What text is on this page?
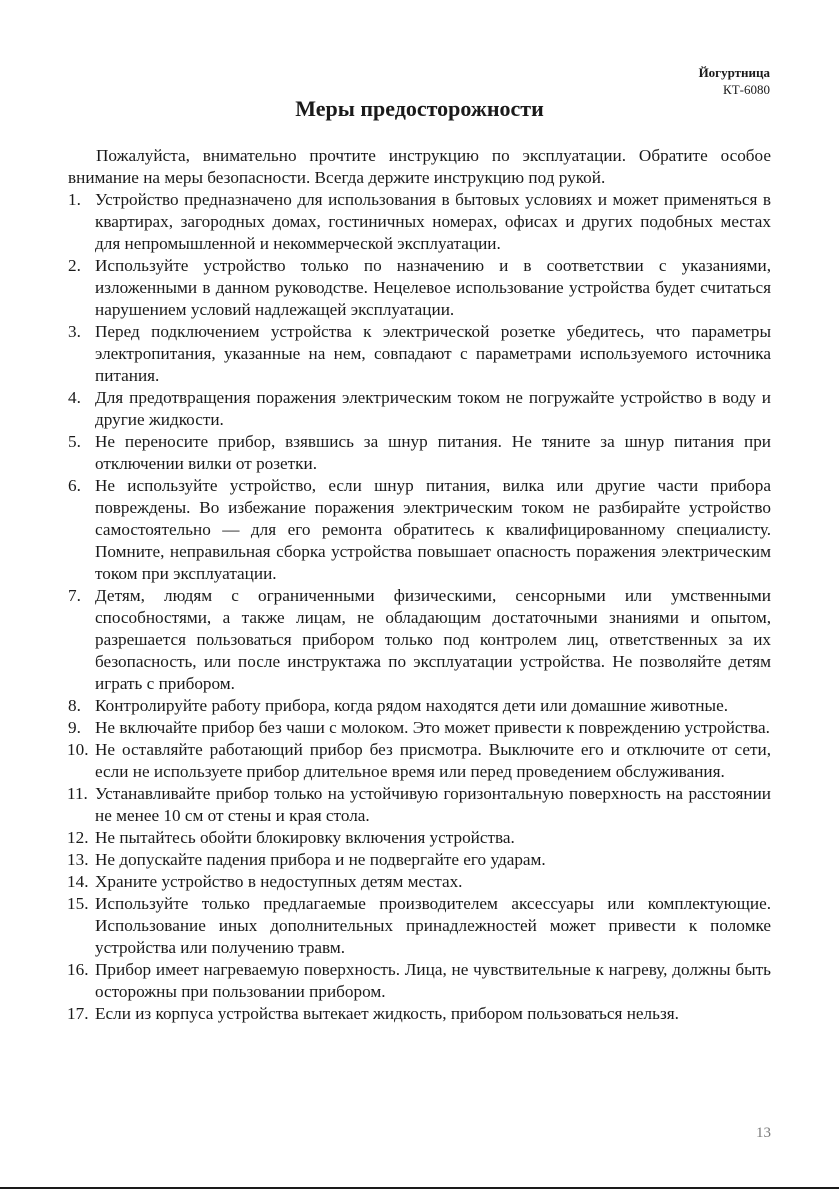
Йогуртница
КТ-6080
Меры предосторожности

Пожалуйста, внимательно прочтите инструкцию по эксплуатации. Обратите особое внимание на меры безопасности. Всегда держите инструкцию под рукой.

1. Устройство предназначено для использования в бытовых условиях и может применяться в квартирах, загородных домах, гостиничных номерах, офисах и других подобных местах для непромышленной и некоммерческой эксплуатации.
2. Используйте устройство только по назначению и в соответствии с указаниями, изложенными в данном руководстве. Нецелевое использование устройства будет считаться нарушением условий надлежащей эксплуатации.
3. Перед подключением устройства к электрической розетке убедитесь, что параметры электропитания, указанные на нем, совпадают с параметрами используемого источника питания.
4. Для предотвращения поражения электрическим током не погружайте устройство в воду и другие жидкости.
5. Не переносите прибор, взявшись за шнур питания. Не тяните за шнур питания при отключении вилки от розетки.
6. Не используйте устройство, если шнур питания, вилка или другие части прибора повреждены. Во избежание поражения электрическим током не разбирайте устройство самостоятельно — для его ремонта обратитесь к квалифицированному специалисту. Помните, неправильная сборка устройства повышает опасность поражения электрическим током при эксплуатации.
7. Детям, людям с ограниченными физическими, сенсорными или умственными способностями, а также лицам, не обладающим достаточными знаниями и опытом, разрешается пользоваться прибором только под контролем лиц, ответственных за их безопасность, или после инструктажа по эксплуатации устройства. Не позволяйте детям играть с прибором.
8. Контролируйте работу прибора, когда рядом находятся дети или домашние животные.
9. Не включайте прибор без чаши с молоком. Это может привести к повреждению устройства.
10. Не оставляйте работающий прибор без присмотра. Выключите его и отключите от сети, если не используете прибор длительное время или перед проведением обслуживания.
11. Устанавливайте прибор только на устойчивую горизонтальную поверхность на расстоянии не менее 10 см от стены и края стола.
12. Не пытайтесь обойти блокировку включения устройства.
13. Не допускайте падения прибора и не подвергайте его ударам.
14. Храните устройство в недоступных детям местах.
15. Используйте только предлагаемые производителем аксессуары или комплектующие. Использование иных дополнительных принадлежностей может привести к поломке устройства или получению травм.
16. Прибор имеет нагреваемую поверхность. Лица, не чувствительные к нагреву, должны быть осторожны при пользовании прибором.
17. Если из корпуса устройства вытекает жидкость, прибором пользоваться нельзя.
13
